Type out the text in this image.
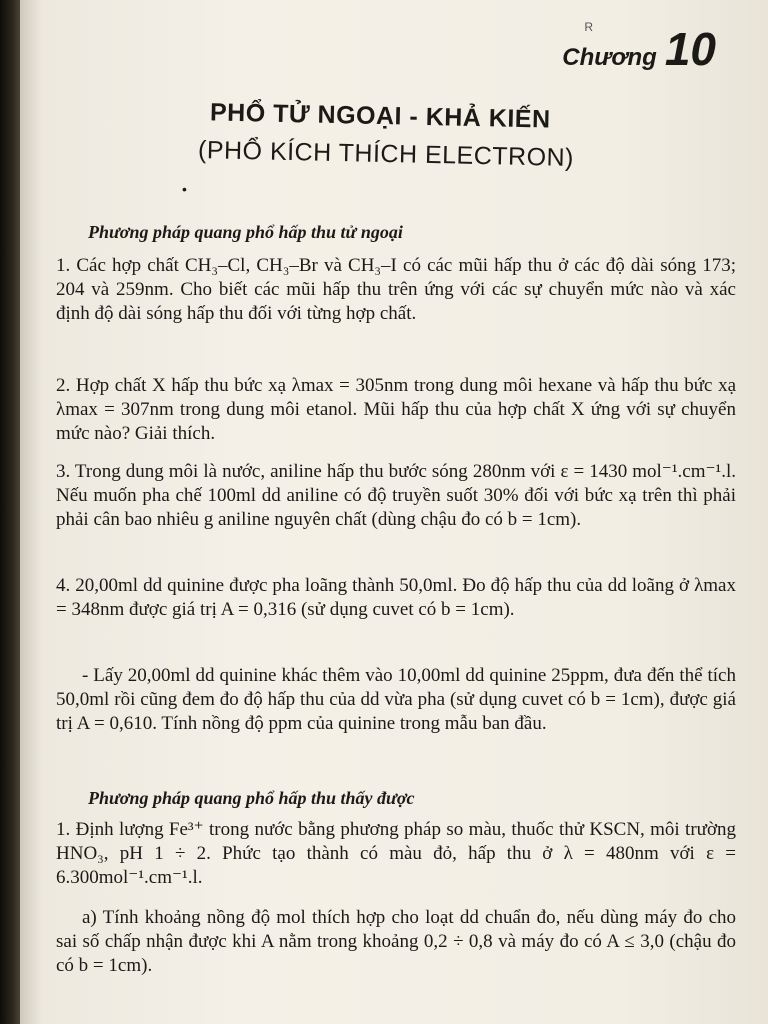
R
Chương 10
PHỔ TỬ NGOẠI - KHẢ KIẾN
(PHỔ KÍCH THÍCH ELECTRON)
•
Phương pháp quang phổ hấp thu tử ngoại

1. Các hợp chất CH₃–Cl, CH₃–Br và CH₃–I có các mũi hấp thu ở các độ dài sóng 173; 204 và 259nm. Cho biết các mũi hấp thu trên ứng với các sự chuyển mức nào và xác định độ dài sóng hấp thu đối với từng hợp chất.

2. Hợp chất X hấp thu bức xạ λmax = 305nm trong dung môi hexane và hấp thu bức xạ λmax = 307nm trong dung môi etanol. Mũi hấp thu của hợp chất X ứng với sự chuyển mức nào? Giải thích.

3. Trong dung môi là nước, aniline hấp thu bước sóng 280nm với ε = 1430 mol⁻¹.cm⁻¹.l. Nếu muốn pha chế 100ml dd aniline có độ truyền suốt 30% đối với bức xạ trên thì phải phải cân bao nhiêu g aniline nguyên chất (dùng chậu đo có b = 1cm).

4. 20,00ml dd quinine được pha loãng thành 50,0ml. Đo độ hấp thu của dd loãng ở λmax = 348nm được giá trị A = 0,316 (sử dụng cuvet có b = 1cm).

- Lấy 20,00ml dd quinine khác thêm vào 10,00ml dd quinine 25ppm, đưa đến thể tích 50,0ml rồi cũng đem đo độ hấp thu của dd vừa pha (sử dụng cuvet có b = 1cm), được giá trị A = 0,610. Tính nồng độ ppm của quinine trong mẫu ban đầu.

Phương pháp quang phổ hấp thu thấy được

1. Định lượng Fe³⁺ trong nước bằng phương pháp so màu, thuốc thử KSCN, môi trường HNO₃, pH 1 ÷ 2. Phức tạo thành có màu đỏ, hấp thu ở λ = 480nm với ε = 6.300mol⁻¹.cm⁻¹.l.

a) Tính khoảng nồng độ mol thích hợp cho loạt dd chuẩn đo, nếu dùng máy đo cho sai số chấp nhận được khi A nằm trong khoảng 0,2 ÷ 0,8 và máy đo có A ≤ 3,0 (chậu đo có b = 1cm).
